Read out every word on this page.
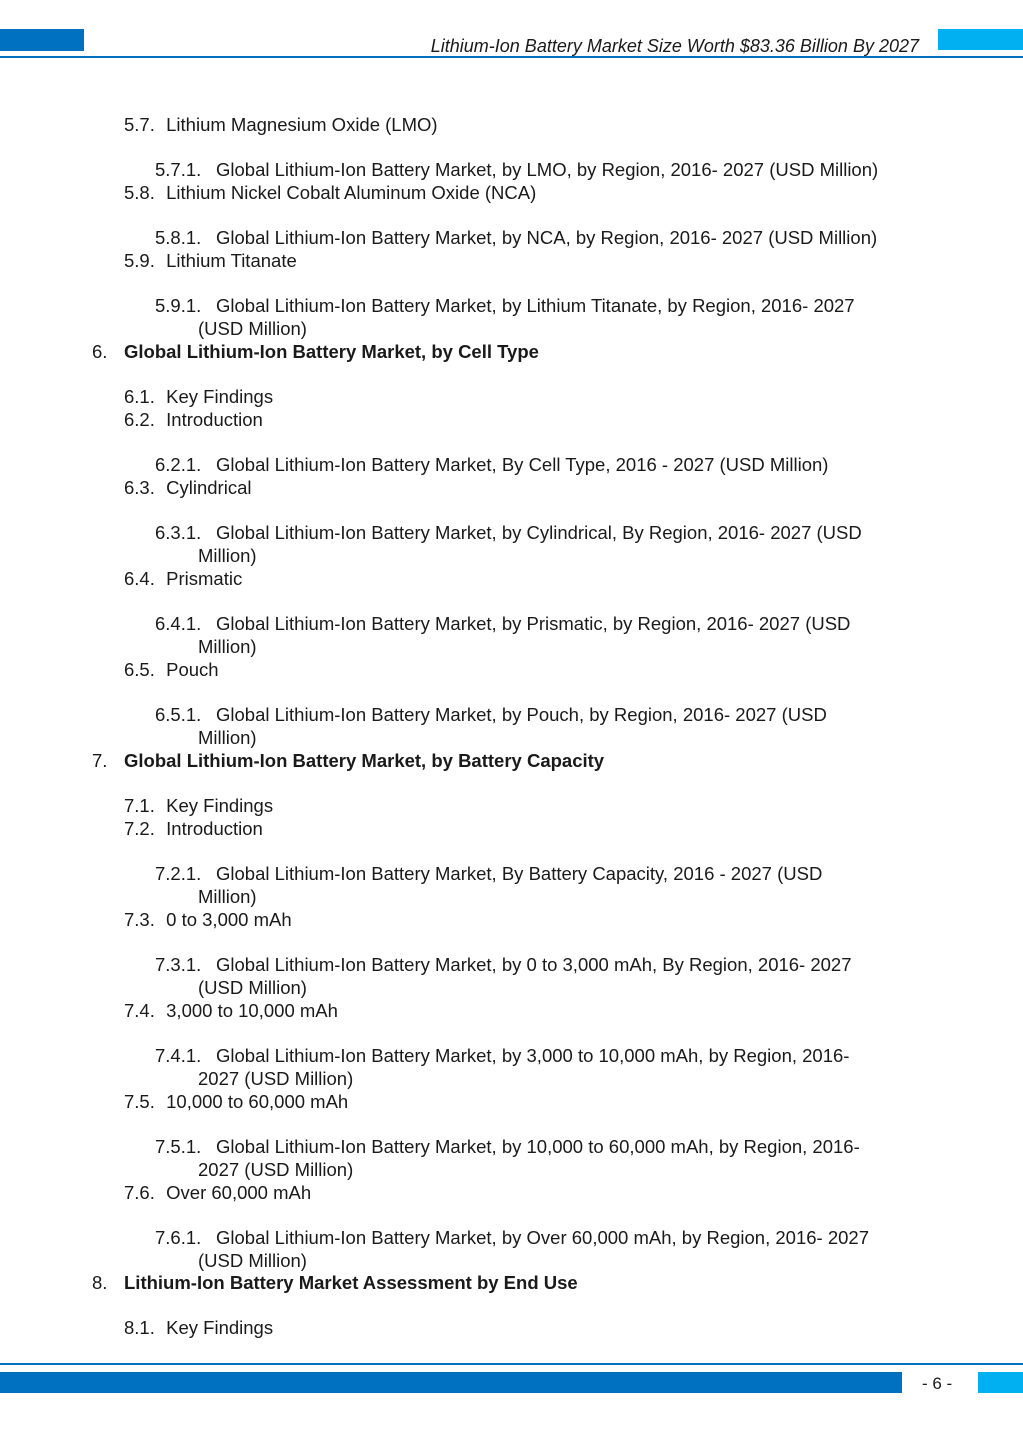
Lithium-Ion Battery Market Size Worth $83.36 Billion By 2027
5.7. Lithium Magnesium Oxide (LMO)
5.7.1. Global Lithium-Ion Battery Market, by LMO, by Region, 2016- 2027 (USD Million)
5.8. Lithium Nickel Cobalt Aluminum Oxide (NCA)
5.8.1. Global Lithium-Ion Battery Market, by NCA, by Region, 2016- 2027 (USD Million)
5.9. Lithium Titanate
5.9.1. Global Lithium-Ion Battery Market, by Lithium Titanate, by Region, 2016- 2027
(USD Million)
6. Global Lithium-Ion Battery Market, by Cell Type
6.1. Key Findings
6.2. Introduction
6.2.1. Global Lithium-Ion Battery Market, By Cell Type, 2016 - 2027 (USD Million)
6.3. Cylindrical
6.3.1. Global Lithium-Ion Battery Market, by Cylindrical, By Region, 2016- 2027 (USD
Million)
6.4. Prismatic
6.4.1. Global Lithium-Ion Battery Market, by Prismatic, by Region, 2016- 2027 (USD
Million)
6.5. Pouch
6.5.1. Global Lithium-Ion Battery Market, by Pouch, by Region, 2016- 2027 (USD
Million)
7. Global Lithium-Ion Battery Market, by Battery Capacity
7.1. Key Findings
7.2. Introduction
7.2.1. Global Lithium-Ion Battery Market, By Battery Capacity, 2016 - 2027 (USD
Million)
7.3. 0 to 3,000 mAh
7.3.1. Global Lithium-Ion Battery Market, by 0 to 3,000 mAh, By Region, 2016- 2027
(USD Million)
7.4. 3,000 to 10,000 mAh
7.4.1. Global Lithium-Ion Battery Market, by 3,000 to 10,000 mAh, by Region, 2016-
2027 (USD Million)
7.5. 10,000 to 60,000 mAh
7.5.1. Global Lithium-Ion Battery Market, by 10,000 to 60,000 mAh, by Region, 2016-
2027 (USD Million)
7.6. Over 60,000 mAh
7.6.1. Global Lithium-Ion Battery Market, by Over 60,000 mAh, by Region, 2016- 2027
(USD Million)
8. Lithium-Ion Battery Market Assessment by End Use
8.1. Key Findings
- 6 -
